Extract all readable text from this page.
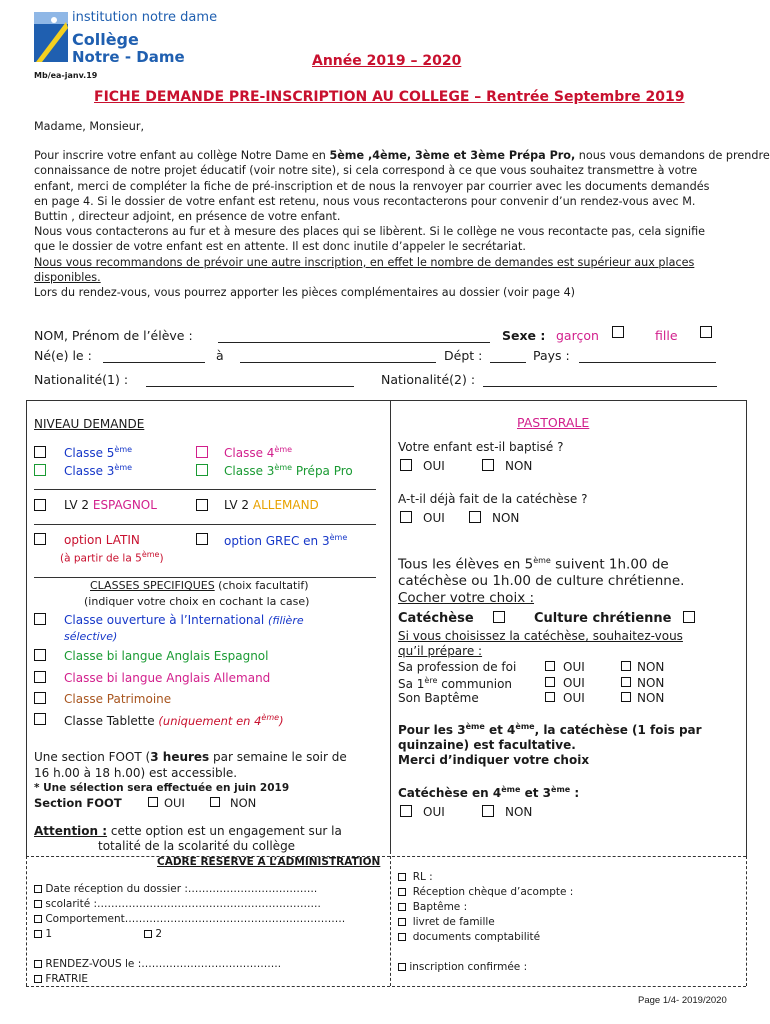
institution notre dame
Collège
Notre - Dame
Mb/ea-janv.19
Année 2019 – 2020
FICHE DEMANDE PRE-INSCRIPTION AU COLLEGE – Rentrée Septembre 2019
Madame, Monsieur,
Pour inscrire votre enfant au collège Notre Dame en 5ème ,4ème, 3ème et 3ème Prépa Pro, nous vous demandons de prendre
connaissance de notre projet éducatif (voir notre site), si cela correspond à ce que vous souhaitez transmettre à votre
enfant, merci de compléter la fiche de pré-inscription et de nous la renvoyer par courrier avec les documents demandés
en page 4. Si le dossier de votre enfant est retenu, nous vous recontacterons pour convenir d’un rendez-vous avec M.
Buttin , directeur adjoint, en présence de votre enfant.
Nous vous contacterons au fur et à mesure des places qui se libèrent. Si le collège ne vous recontacte pas, cela signifie
que le dossier de votre enfant est en attente. Il est donc inutile d’appeler le secrétariat.
Nous vous recommandons de prévoir une autre inscription, en effet le nombre de demandes est supérieur aux places
disponibles.
Lors du rendez-vous, vous pourrez apporter les pièces complémentaires au dossier (voir page 4)
NOM, Prénom de l’élève :	Sexe : garçon	fille
Né(e) le :	à	Dépt :	Pays :
Nationalité(1) :	Nationalité(2) :
NIVEAU DEMANDE
Classe 5ème	Classe 4ème
Classe 3ème	Classe 3ème Prépa Pro
LV 2 ESPAGNOL	LV 2 ALLEMAND
option LATIN
(à partir de la 5ème)
option GREC en 3ème
CLASSES SPECIFIQUES (choix facultatif)
(indiquer votre choix en cochant la case)
Classe ouverture à l’International (filière
sélective)
Classe bi langue Anglais Espagnol
Classe bi langue Anglais Allemand
Classe Patrimoine
Classe Tablette (uniquement en 4ème)
Une section FOOT (3 heures par semaine le soir de
16 h.00 à 18 h.00) est accessible.
* Une sélection sera effectuée en juin 2019
Section FOOT	OUI	NON
Attention : cette option est un engagement sur la
totalité de la scolarité du collège
PASTORALE
Votre enfant est-il baptisé ?
OUI	NON
A-t-il déjà fait de la catéchèse ?
OUI	NON
Tous les élèves en 5ème suivent 1h.00 de
catéchèse ou 1h.00 de culture chrétienne.
Cocher votre choix :
Catéchèse	Culture chrétienne
Si vous choisissez la catéchèse, souhaitez-vous
qu’il prépare :
Sa profession de foi	OUI	NON
Sa 1ère communion	OUI	NON
Son Baptême	OUI	NON
Pour les 3ème et 4ème, la catéchèse (1 fois par
quinzaine) est facultative.
Merci d’indiquer votre choix
Catéchèse en 4ème et 3ème :
OUI	NON
CADRE RESERVE A L’ADMINISTRATION
Date réception du dossier :……………………………….
scolarité :……………………………………………………….
Comportement………………………………………………………
1	2
RENDEZ-VOUS le :………………………………….
FRATRIE
RL :
Réception chèque d’acompte :
Baptême :
livret de famille
documents comptabilité
inscription confirmée :
Page 1/4- 2019/2020
